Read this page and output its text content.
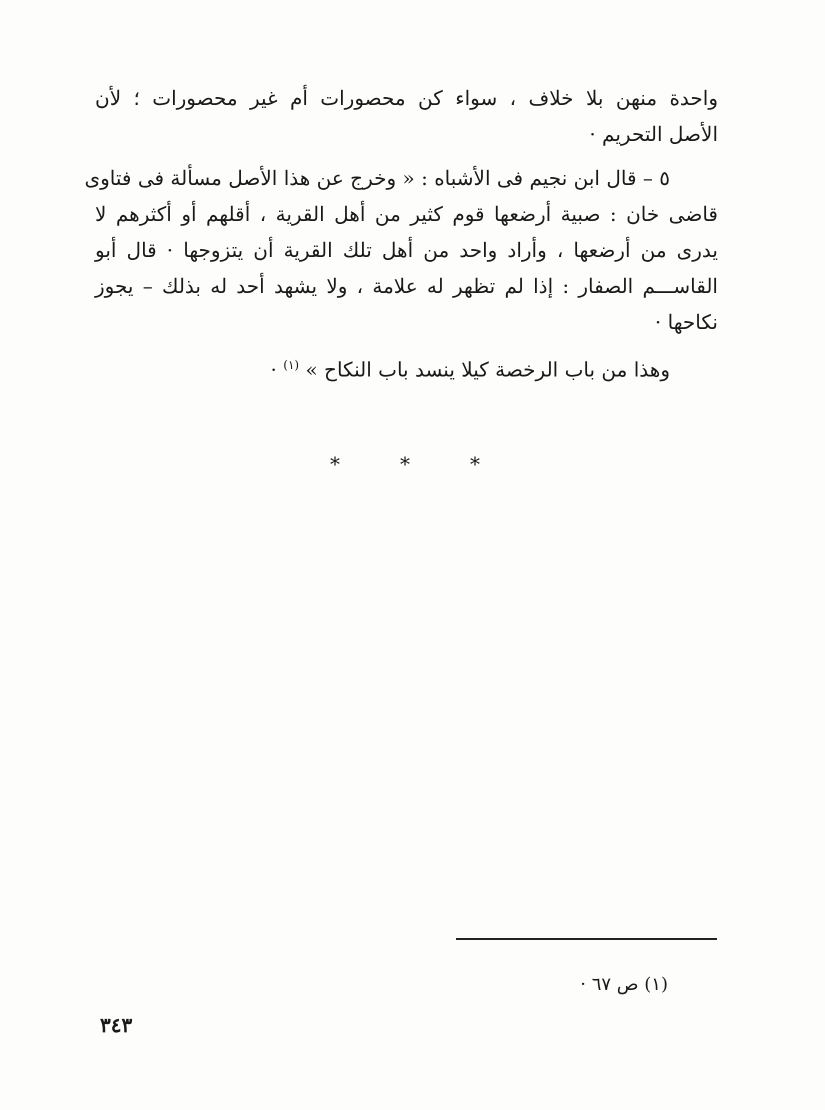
واحدة منهن بلا خلاف ، سواء كن محصورات أم غير محصورات ؛ لأن
الأصل التحريم ·
٥ – قال ابن نجيم فى الأشباه : « وخرج عن هذا الأصل مسألة فى فتاوى
قاضى خان : صبية أرضعها قوم كثير من أهل القرية ، أقلهم أو أكثرهم لا
يدرى من أرضعها ، وأراد واحد من أهل تلك القرية أن يتزوجها · قال أبو
القاســـم الصفار : إذا لم تظهر له علامة ، ولا يشهد أحد له بذلك – يجوز
نكاحها ·
وهذا من باب الرخصة كيلا ينسد باب النكاح » $^{(١)}$ ·
*	*	*
(١) ص ٦٧ ·
٣٤٣
